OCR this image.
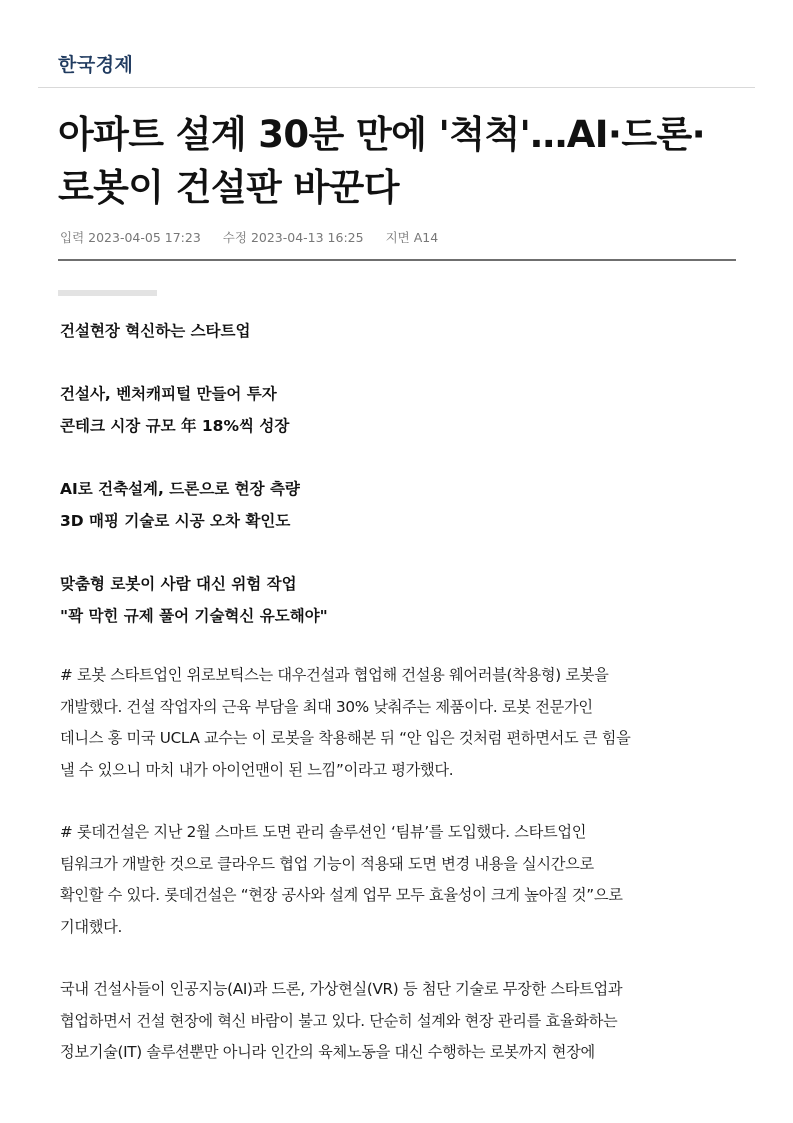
한국경제
아파트 설계 30분 만에 '척척'…AI·드론·로봇이 건설판 바꾼다
입력 2023-04-05 17:23 수정 2023-04-13 16:25 지면 A14
건설현장 혁신하는 스타트업
건설사, 벤처캐피털 만들어 투자
콘테크 시장 규모 年 18%씩 성장
AI로 건축설계, 드론으로 현장 측량
3D 매핑 기술로 시공 오차 확인도
맞춤형 로봇이 사람 대신 위험 작업
"꽉 막힌 규제 풀어 기술혁신 유도해야"

# 로봇 스타트업인 위로보틱스는 대우건설과 협업해 건설용 웨어러블(착용형) 로봇을
개발했다. 건설 작업자의 근육 부담을 최대 30% 낮춰주는 제품이다. 로봇 전문가인
데니스 홍 미국 UCLA 교수는 이 로봇을 착용해본 뒤 “안 입은 것처럼 편하면서도 큰 힘을
낼 수 있으니 마치 내가 아이언맨이 된 느낌”이라고 평가했다.

# 롯데건설은 지난 2월 스마트 도면 관리 솔루션인 ‘팀뷰’를 도입했다. 스타트업인
팀워크가 개발한 것으로 클라우드 협업 기능이 적용돼 도면 변경 내용을 실시간으로
확인할 수 있다. 롯데건설은 “현장 공사와 설계 업무 모두 효율성이 크게 높아질 것”으로
기대했다.

국내 건설사들이 인공지능(AI)과 드론, 가상현실(VR) 등 첨단 기술로 무장한 스타트업과
협업하면서 건설 현장에 혁신 바람이 불고 있다. 단순히 설계와 현장 관리를 효율화하는
정보기술(IT) 솔루션뿐만 아니라 인간의 육체노동을 대신 수행하는 로봇까지 현장에
